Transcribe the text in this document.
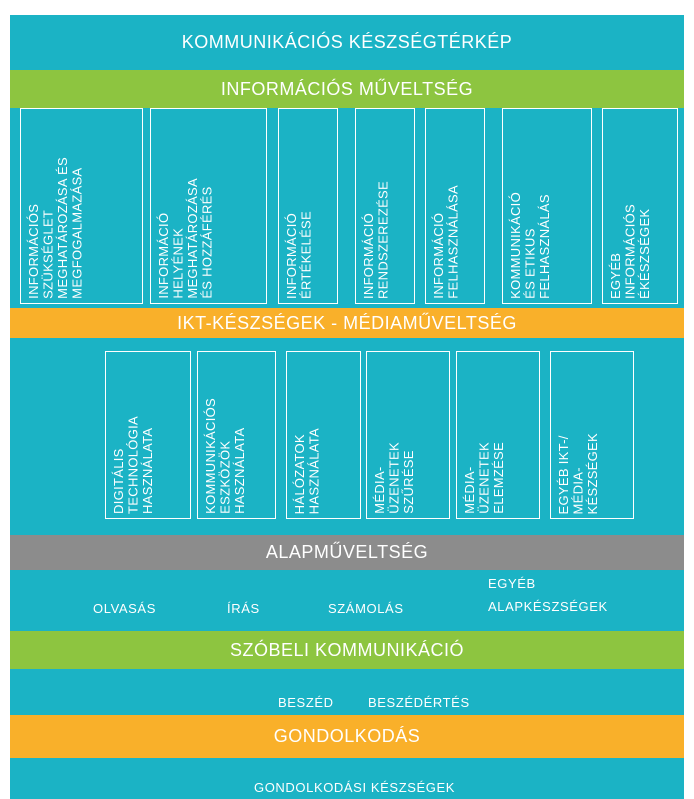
KOMMUNIKÁCIÓS KÉSZSÉGTÉRKÉP
INFORMÁCIÓS MŰVELTSÉG
INFORMÁCIÓS
SZÜKSÉGLET
MEGHATÁROZÁSA ÉS
MEGFOGALMAZÁSA	INFORMÁCIÓ
HELYÉNEK
MEGHATÁROZÁSA
ÉS HOZZÁFÉRÉS	INFORMÁCIÓ
ÉRTÉKELÉSE	INFORMÁCIÓ
RENDSZEREZÉSE	INFORMÁCIÓ
FELHASZNÁLÁSA	KOMMUNIKÁCIÓ
ÉS ETIKUS
FELHASZNÁLÁS	EGYÉB
INFORMÁCIÓS
ÉKÉSZSÉGEK
IKT-KÉSZSÉGEK - MÉDIAMŰVELTSÉG
DIGITÁLIS
TECHNOLÓGIA
HASZNÁLATA	KOMMUNIKÁCIÓS
ESZKÖZÖK
HASZNÁLATA	HÁLÓZATOK
HASZNÁLATA	MÉDIA-
ÜZENETEK
SZŰRÉSE	MÉDIA-
ÜZENETEK
ELEMZÉSE	EGYÉB IKT-/
MÉDIA-
KÉSZSÉGEK
ALAPMŰVELTSÉG
OLVASÁS	ÍRÁS	SZÁMOLÁS
EGYÉB
ALAPKÉSZSÉGEK
SZÓBELI KOMMUNIKÁCIÓ
BESZÉD	BESZÉDÉRTÉS
GONDOLKODÁS
GONDOLKODÁSI KÉSZSÉGEK
